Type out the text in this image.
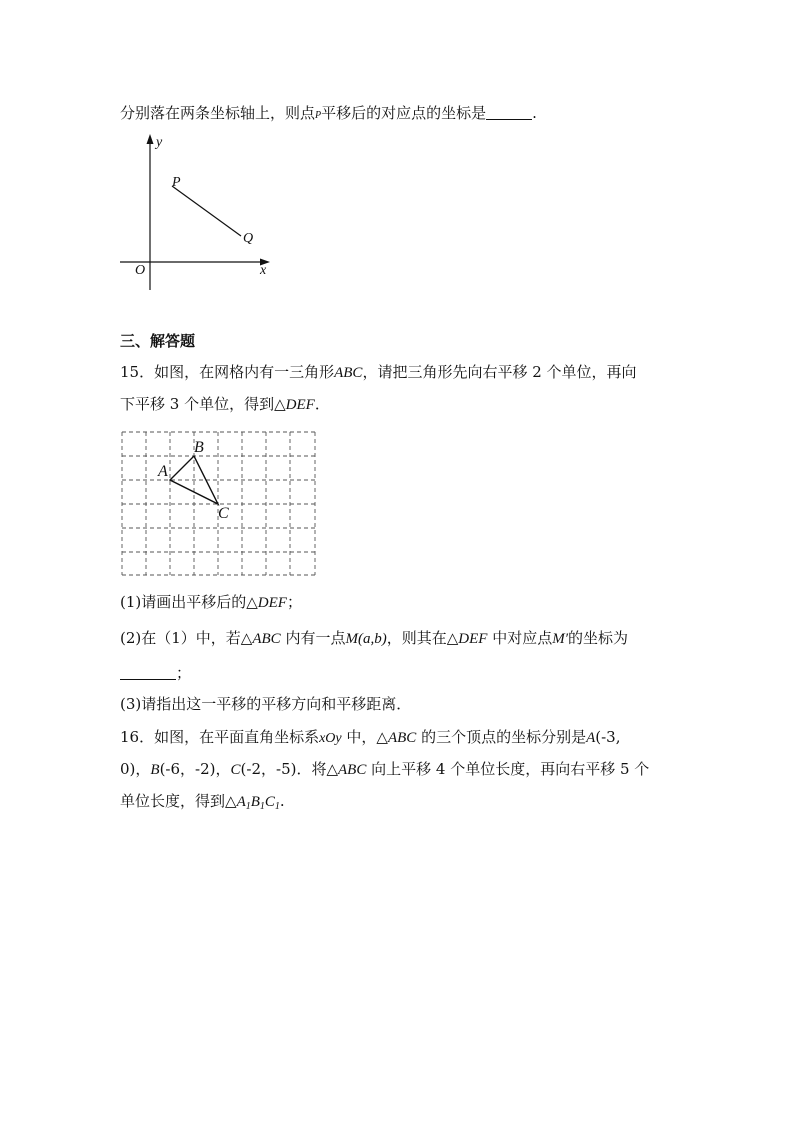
分别落在两条坐标轴上，则点P平移后的对应点的坐标是	.
y
x
O
P
Q
三、解答题
15．如图，在网格内有一三角形ABC，请把三角形先向右平移 2 个单位，再向
下平移 3 个单位，得到△DEF．
A
B
C
(1)请画出平移后的△DEF；
(2)在（1）中，若△ABC 内有一点M(a,b)，则其在△DEF 中对应点M′的坐标为
；
(3)请指出这一平移的平移方向和平移距离．
16．如图，在平面直角坐标系xOy 中，△ABC 的三个顶点的坐标分别是A(-3,
0)，B(-6，-2)，C(-2，-5)．将△ABC 向上平移 4 个单位长度，再向右平移 5 个
单位长度，得到$\triangle A_1B_1C_1$.
